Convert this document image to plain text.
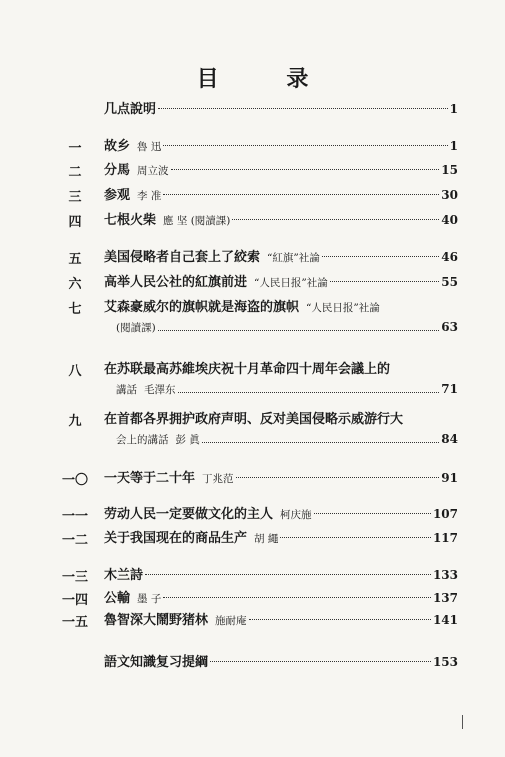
目 录
几点說明	1
一	故乡 魯 迅	1
二	分馬 周立波	15
三	参观 李 准	30
四	七根火柴 應 坚 (閱讀課)	40
五	美国侵略者自己套上了絞索 “紅旗”社論	46
六	高举人民公社的紅旗前进 “人民日报”社論	55
七	艾森豪威尔的旗帜就是海盗的旗帜 “人民日报”社論
(閱讀課)	63
八	在苏联最高苏維埃庆祝十月革命四十周年会議上的
講話 毛澤东	71
九	在首都各界拥护政府声明、反对美国侵略示威游行大
会上的講話 彭 眞	84
一〇	一天等于二十年 丁兆范	91
一一	劳动人民一定要做文化的主人 柯庆施	107
一二	关于我国现在的商品生产 胡 繩	117
一三	木兰詩	133
一四	公輸 墨 子	137
一五	魯智深大鬧野猪林 施耐庵	141
語文知識复习提綱	153
